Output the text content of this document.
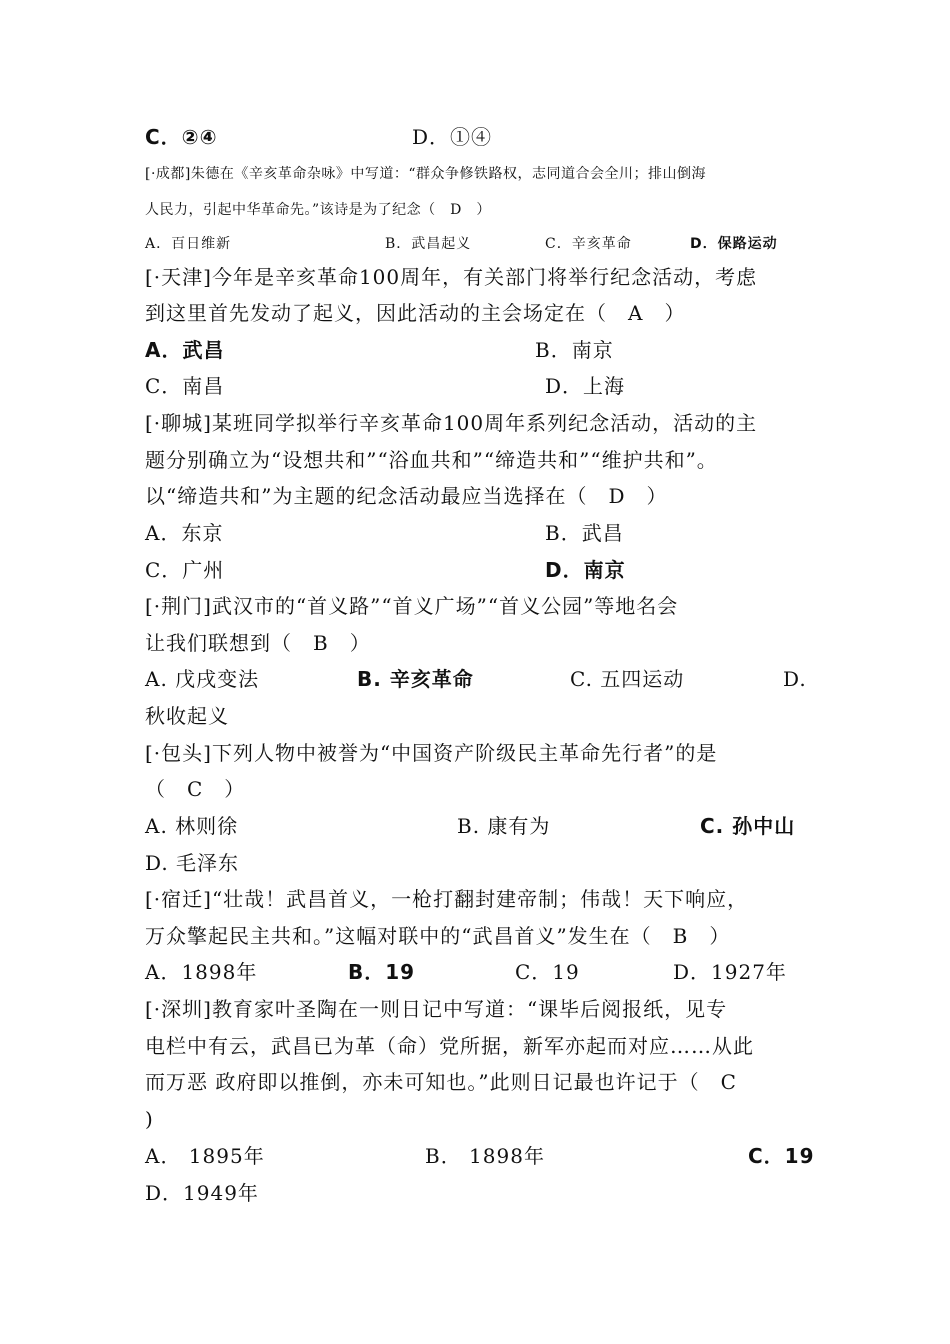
C．②④	D．①④
[·成都]朱德在《辛亥革命杂咏》中写道：“群众争修铁路权，志同道合会全川；排山倒海
人民力，引起中华革命先。”该诗是为了纪念（　D　）
A．百日维新	B．武昌起义	C．辛亥革命	D．保路运动
[·天津]今年是辛亥革命100周年，有关部门将举行纪念活动，考虑
到这里首先发动了起义，因此活动的主会场定在（　A　）
A．武昌	B．南京
C．南昌	D．上海
[·聊城]某班同学拟举行辛亥革命100周年系列纪念活动，活动的主
题分别确立为“设想共和”“浴血共和”“缔造共和”“维护共和”。
以“缔造共和”为主题的纪念活动最应当选择在（　D　）
A．东京	B．武昌
C．广州	D．南京
[·荆门]武汉市的“首义路”“首义广场”“首义公园”等地名会
让我们联想到（　B　）
A. 戊戌变法	B. 辛亥革命	C. 五四运动	D.
秋收起义
[·包头]下列人物中被誉为“中国资产阶级民主革命先行者”的是
（　C　）
A. 林则徐	B. 康有为	C. 孙中山
D. 毛泽东
[·宿迁]“壮哉！武昌首义，一枪打翻封建帝制；伟哉！天下响应，
万众擎起民主共和。”这幅对联中的“武昌首义”发生在（　B　）
A．1898年	B．19	C．19	D．1927年
[·深圳]教育家叶圣陶在一则日记中写道：“课毕后阅报纸，见专
电栏中有云，武昌已为革（命）党所据，新军亦起而对应……从此
而万恶 政府即以推倒，亦未可知也。”此则日记最也许记于（　C
)
A． 1895年	B． 1898年	C．19
D．1949年
